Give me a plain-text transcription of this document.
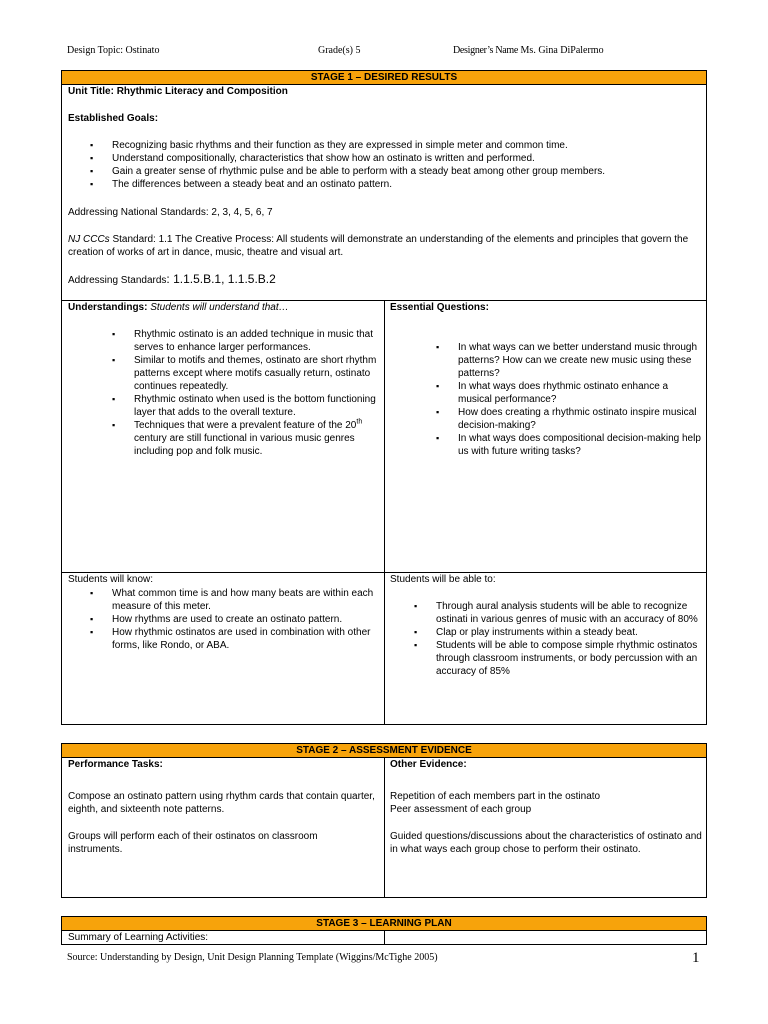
Design Topic: Ostinato	Grade(s) 5	Designer’s Name Ms. Gina DiPalermo
STAGE 1 – DESIRED RESULTS
Unit Title: Rhythmic Literacy and Composition
Established Goals:
▪ Recognizing basic rhythms and their function as they are expressed in simple meter and common time.
▪ Understand compositionally, characteristics that show how an ostinato is written and performed.
▪ Gain a greater sense of rhythmic pulse and be able to perform with a steady beat among other group members.
▪ The differences between a steady beat and an ostinato pattern.
Addressing National Standards: 2, 3, 4, 5, 6, 7
NJ CCCs Standard: 1.1 The Creative Process: All students will demonstrate an understanding of the elements and principles that govern the creation of works of art in dance, music, theatre and visual art.
Addressing Standards: 1.1.5.B.1, 1.1.5.B.2
Understandings: Students will understand that…
▪ Rhythmic ostinato is an added technique in music that serves to enhance larger performances.
▪ Similar to motifs and themes, ostinato are short rhythm patterns except where motifs casually return, ostinato continues repeatedly.
▪ Rhythmic ostinato when used is the bottom functioning layer that adds to the overall texture.
▪ Techniques that were a prevalent feature of the 20th century are still functional in various music genres including pop and folk music.
Essential Questions:
▪ In what ways can we better understand music through patterns? How can we create new music using these patterns?
▪ In what ways does rhythmic ostinato enhance a musical performance?
▪ How does creating a rhythmic ostinato inspire musical decision-making?
▪ In what ways does compositional decision-making help us with future writing tasks?
Students will know:
▪ What common time is and how many beats are within each measure of this meter.
▪ How rhythms are used to create an ostinato pattern.
▪ How rhythmic ostinatos are used in combination with other forms, like Rondo, or ABA.
Students will be able to:
▪ Through aural analysis students will be able to recognize ostinati in various genres of music with an accuracy of 80%
▪ Clap or play instruments within a steady beat.
▪ Students will be able to compose simple rhythmic ostinatos through classroom instruments, or body percussion with an accuracy of 85%
STAGE 2 – ASSESSMENT EVIDENCE
Performance Tasks:

Compose an ostinato pattern using rhythm cards that contain quarter, eighth, and sixteenth note patterns.

Groups will perform each of their ostinatos on classroom instruments.

Other Evidence:
Repetition of each members part in the ostinato
Peer assessment of each group

Guided questions/discussions about the characteristics of ostinato and in what ways each group chose to perform their ostinato.

STAGE 3 – LEARNING PLAN
Summary of Learning Activities:
Source: Understanding by Design, Unit Design Planning Template (Wiggins/McTighe 2005)	1
